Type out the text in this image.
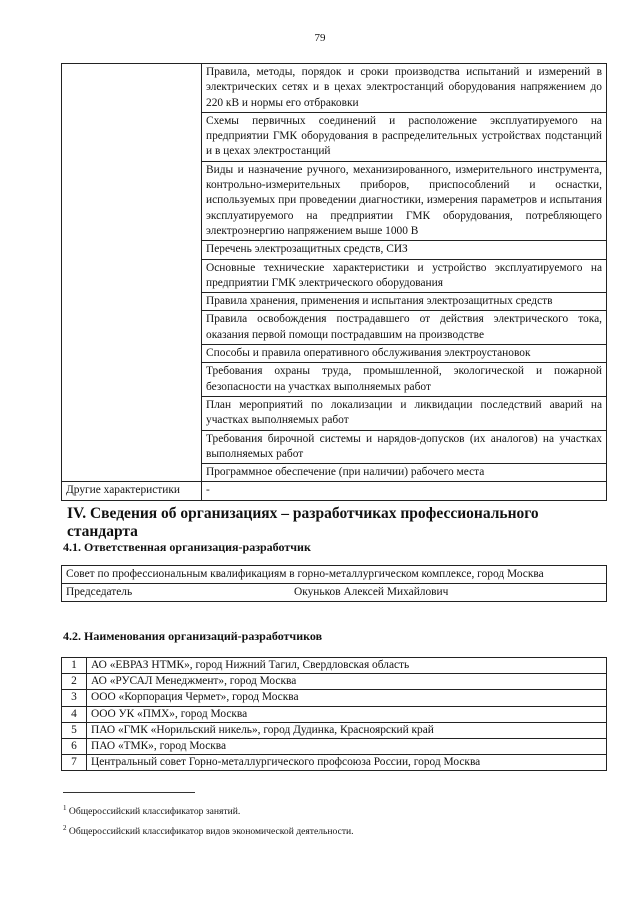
79
	Правила, методы, порядок и сроки производства испытаний и измерений в электрических сетях и в цехах электростанций оборудования напряжением до 220 кВ и нормы его отбраковки
	Схемы первичных соединений и расположение эксплуатируемого на предприятии ГМК оборудования в распределительных устройствах подстанций и в цехах электростанций
	Виды и назначение ручного, механизированного, измерительного инструмента, контрольно-измерительных приборов, приспособлений и оснастки, используемых при проведении диагностики, измерения параметров и испытания эксплуатируемого на предприятии ГМК оборудования, потребляющего электроэнергию напряжением выше 1000 В
	Перечень электрозащитных средств, СИЗ
	Основные технические характеристики и устройство эксплуатируемого на предприятии ГМК электрического оборудования
	Правила хранения, применения и испытания электрозащитных средств
	Правила освобождения пострадавшего от действия электрического тока, оказания первой помощи пострадавшим на производстве
	Способы и правила оперативного обслуживания электроустановок
	Требования охраны труда, промышленной, экологической и пожарной безопасности на участках выполняемых работ
	План мероприятий по локализации и ликвидации последствий аварий на участках выполняемых работ
	Требования бирочной системы и нарядов-допусков (их аналогов) на участках выполняемых работ
	Программное обеспечение (при наличии) рабочего места
Другие характеристики	-
IV. Сведения об организациях – разработчиках профессионального стандарта
4.1. Ответственная организация-разработчик
Совет по профессиональным квалификациям в горно-металлургическом комплексе, город Москва
Председатель	Окуньков Алексей Михайлович
4.2. Наименования организаций-разработчиков
1	АО «ЕВРАЗ НТМК», город Нижний Тагил, Свердловская область
2	АО «РУСАЛ Менеджмент», город Москва
3	ООО «Корпорация Чермет», город Москва
4	ООО УК «ПМХ», город Москва
5	ПАО «ГМК «Норильский никель», город Дудинка, Красноярский край
6	ПАО «ТМК», город Москва
7	Центральный совет Горно-металлургического профсоюза России, город Москва

$^1$ Общероссийский классификатор занятий.

$^2$ Общероссийский классификатор видов экономической деятельности.
